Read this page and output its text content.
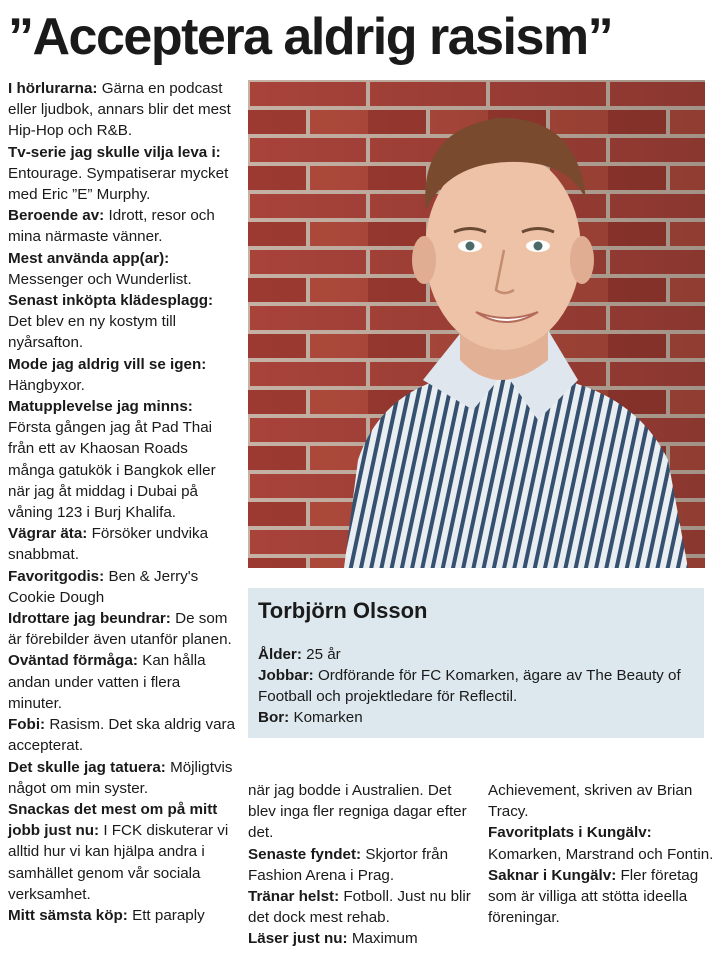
”Acceptera aldrig rasism”

I hörlurarna: Gärna en podcast eller ljudbok, annars blir det mest Hip-Hop och R&B.

Tv-serie jag skulle vilja leva i: Entourage. Sympatiserar mycket med Eric ”E” Murphy.

Beroende av: Idrott, resor och mina närmaste vänner.

Mest använda app(ar): Messenger och Wunderlist.

Senast inköpta klädesplagg: Det blev en ny kostym till nyårsafton.

Mode jag aldrig vill se igen: Hängbyxor.

Matupplevelse jag minns: Första gången jag åt Pad Thai från ett av Khaosan Roads många gatukök i Bangkok eller när jag åt middag i Dubai på våning 123 i Burj Khalifa.

Vägrar äta: Försöker undvika snabbmat.

Favoritgodis: Ben & Jerry's Cookie Dough

Idrottare jag beundrar: De som är förebilder även utanför planen.

Oväntad förmåga: Kan hålla andan under vatten i flera minuter.

Fobi: Rasism. Det ska aldrig vara accepterat.

Det skulle jag tatuera: Möjligtvis något om min syster.

Snackas det mest om på mitt jobb just nu: I FCK diskuterar vi alltid hur vi kan hjälpa andra i samhället genom vår sociala verksamhet.

Mitt sämsta köp: Ett paraply

Torbjörn Olsson
Ålder: 25 år
Jobbar: Ordförande för FC Komarken, ägare av The Beauty of Football och projektledare för Reflectil.
Bor: Komarken

när jag bodde i Australien. Det blev inga fler regniga dagar efter det.

Senaste fyndet: Skjortor från Fashion Arena i Prag.

Tränar helst: Fotboll. Just nu blir det dock mest rehab.

Läser just nu: Maximum

Achievement, skriven av Brian Tracy.

Favoritplats i Kungälv: Komarken, Marstrand och Fontin.

Saknar i Kungälv: Fler företag som är villiga att stötta ideella föreningar.
